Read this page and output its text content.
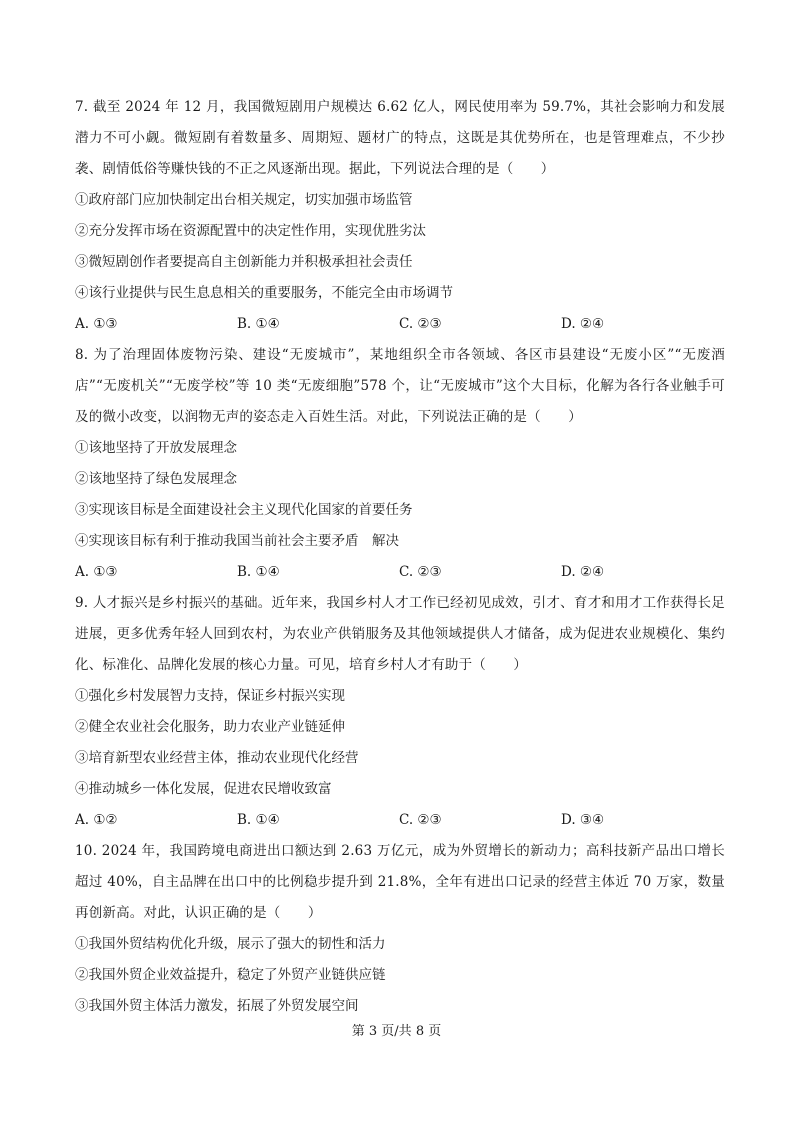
7. 截至 2024 年 12 月，我国微短剧用户规模达 6.62 亿人，网民使用率为 59.7%，其社会影响力和发展潜力不可小觑。微短剧有着数量多、周期短、题材广的特点，这既是其优势所在，也是管理难点，不少抄袭、剧情低俗等赚快钱的不正之风逐渐出现。据此，下列说法合理的是（　　）

①政府部门应加快制定出台相关规定，切实加强市场监管

②充分发挥市场在资源配置中的决定性作用，实现优胜劣汰

③微短剧创作者要提高自主创新能力并积极承担社会责任

④该行业提供与民生息息相关的重要服务，不能完全由市场调节

A. ①③	B. ①④	C. ②③	D. ②④

8. 为了治理固体废物污染、建设“无废城市”，某地组织全市各领域、各区市县建设“无废小区”“无废酒店”“无废机关”“无废学校”等 10 类“无废细胞”578 个，让“无废城市”这个大目标，化解为各行各业触手可及的微小改变，以润物无声的姿态走入百姓生活。对此，下列说法正确的是（　　）

①该地坚持了开放发展理念

②该地坚持了绿色发展理念

③实现该目标是全面建设社会主义现代化国家的首要任务

④实现该目标有利于推动我国当前社会主要矛盾　解决

A. ①③	B. ①④	C. ②③	D. ②④

9. 人才振兴是乡村振兴的基础。近年来，我国乡村人才工作已经初见成效，引才、育才和用才工作获得长足进展，更多优秀年轻人回到农村，为农业产供销服务及其他领域提供人才储备，成为促进农业规模化、集约化、标准化、品牌化发展的核心力量。可见，培育乡村人才有助于（　　）

①强化乡村发展智力支持，保证乡村振兴实现

②健全农业社会化服务，助力农业产业链延伸

③培育新型农业经营主体，推动农业现代化经营

④推动城乡一体化发展，促进农民增收致富

A. ①②	B. ①④	C. ②③	D. ③④

10. 2024 年，我国跨境电商进出口额达到 2.63 万亿元，成为外贸增长的新动力；高科技新产品出口增长超过 40%，自主品牌在出口中的比例稳步提升到 21.8%，全年有进出口记录的经营主体近 70 万家，数量再创新高。对此，认识正确的是（　　）

①我国外贸结构优化升级，展示了强大的韧性和活力

②我国外贸企业效益提升，稳定了外贸产业链供应链

③我国外贸主体活力激发，拓展了外贸发展空间

第 3 页/共 8 页
